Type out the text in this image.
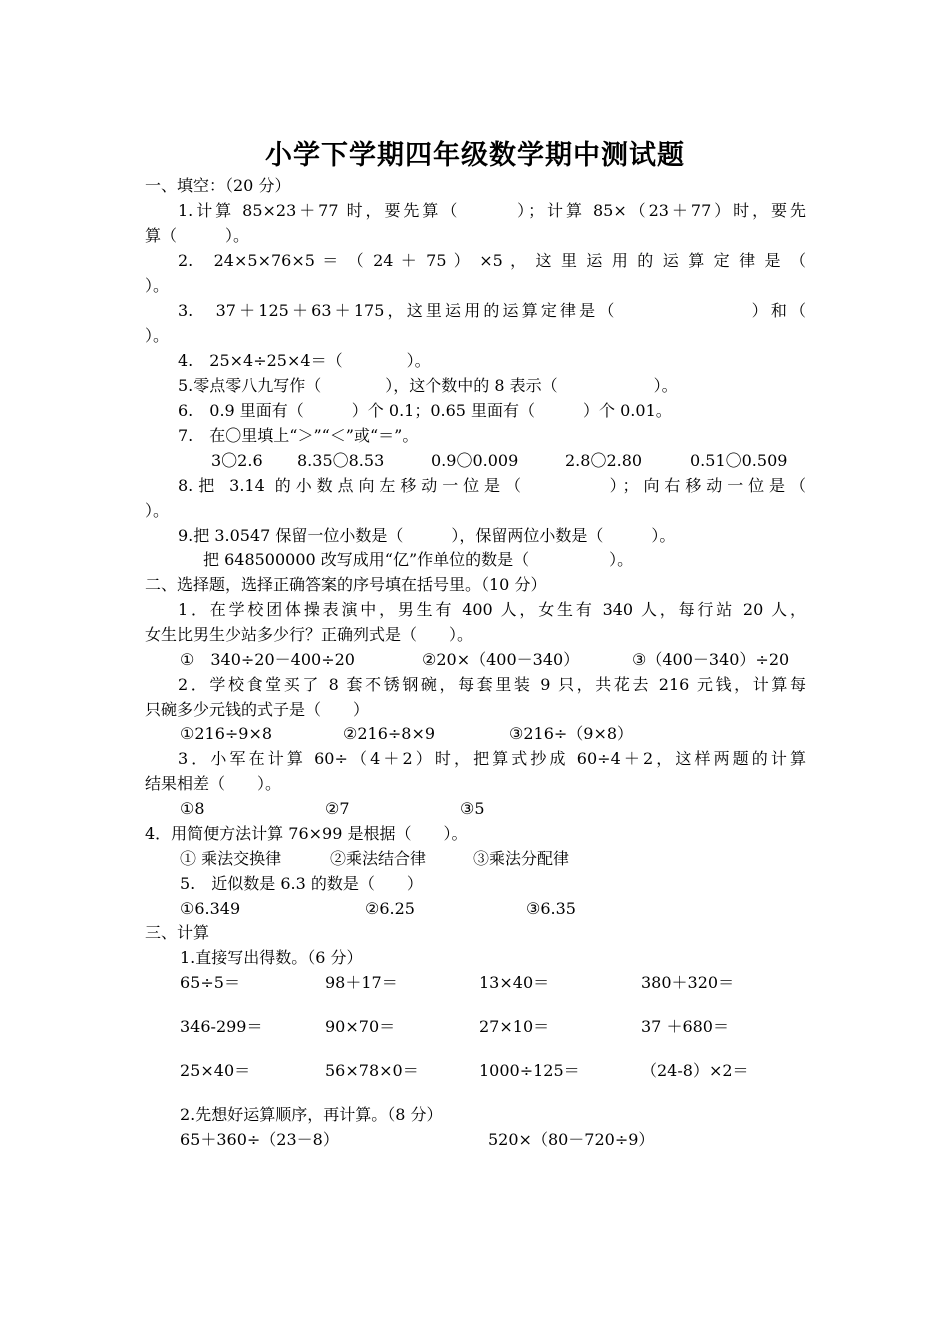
小学下学期四年级数学期中测试题
一、填空：（20 分）
1.计算 85×23＋77 时，要先算（　　　）；计算 85×（23＋77）时，要先
算（　　　）。
2.　24×5×76×5 ＝ （ 24 ＋ 75 ） ×5 ， 这 里 运 用 的 运 算 定 律 是 （
）。
3.　37＋125＋63＋175，这里运用的运算定律是（　　　　　　　）和（
）。
4.　25×4÷25×4＝（　　　　）。
5.零点零八九写作（　　　　），这个数中的 8 表示（　　　　　　）。
6.　0.9 里面有（　　　）个 0.1；0.65 里面有（　　　）个 0.01。
7.　在〇里填上“＞”“＜”或“＝”。
3〇2.6 8.35〇8.53	0.9〇0.009	2.8〇2.80	0.51〇0.509
8.把 3.14 的小数点向左移动一位是（　　　　）；向右移动一位是（
）。
9.把 3.0547 保留一位小数是（　　　），保留两位小数是（　　　）。
把 648500000 改写成用“亿”作单位的数是（　　　　　）。
二、选择题，选择正确答案的序号填在括号里。（10 分）
1．在学校团体操表演中，男生有 400 人，女生有 340 人，每行站 20 人，
女生比男生少站多少行？正确列式是（　　）。
①　340÷20－400÷20	②20×（400－340）	③（400－340）÷20
2．学校食堂买了 8 套不锈钢碗，每套里装 9 只，共花去 216 元钱，计算每
只碗多少元钱的式子是（　　）
①216÷9×8	②216÷8×9	③216÷（9×8）
3．小军在计算 60÷（4＋2）时，把算式抄成 60÷4＋2，这样两题的计算
结果相差（　　）。
①8	②7	③5
4．用简便方法计算 76×99 是根据（　　）。
① 乘法交换律	②乘法结合律	③乘法分配律
5.　近似数是 6.3 的数是（　　）
①6.349	②6.25	③6.35
三、计算
1.直接写出得数。（6 分）
65÷5＝	98＋17＝	13×40＝	380＋320＝
346-299＝	90×70＝	27×10＝	37 ＋680＝
25×40＝	56×78×0＝	1000÷125＝	（24-8）×2＝
2.先想好运算顺序，再计算。（8 分）
65＋360÷（23－8）	520×（80－720÷9）
